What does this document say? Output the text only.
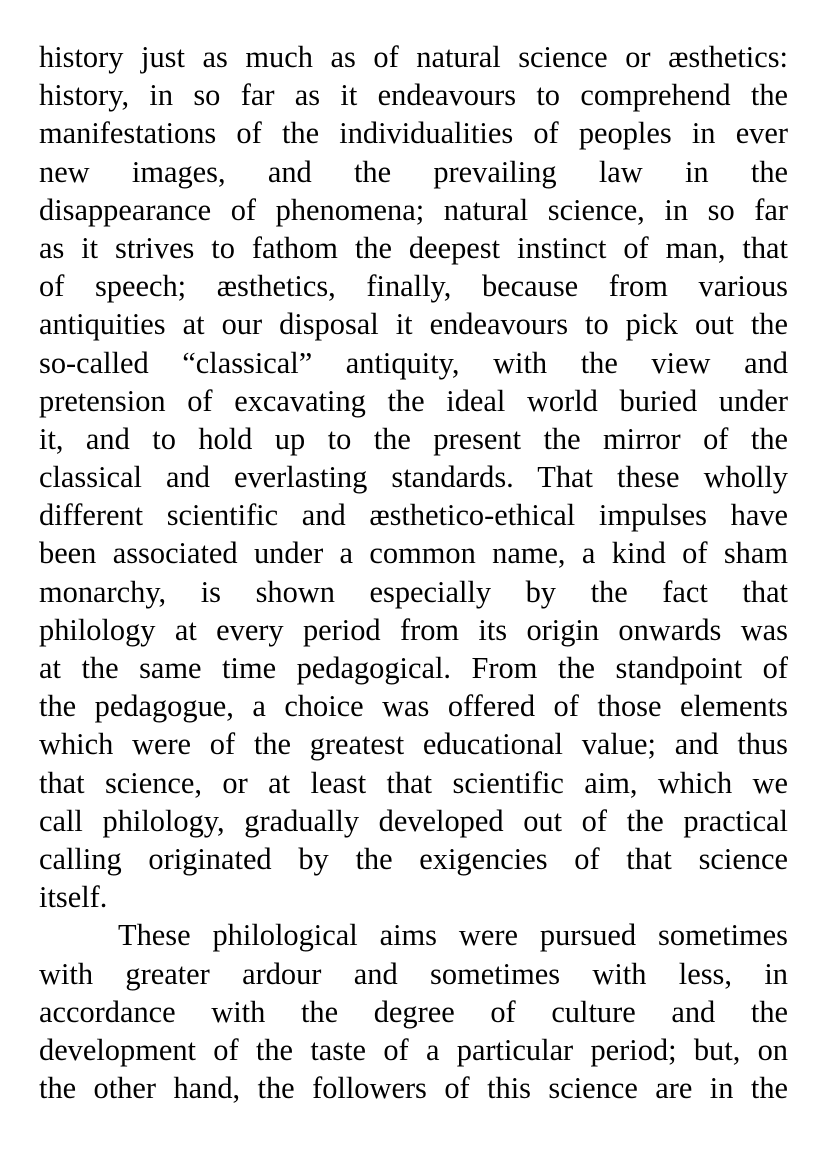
history just as much as of natural science or æsthetics:
history, in so far as it endeavours to comprehend the
manifestations of the individualities of peoples in ever
new images, and the prevailing law in the
disappearance of phenomena; natural science, in so far
as it strives to fathom the deepest instinct of man, that
of speech; æsthetics, finally, because from various
antiquities at our disposal it endeavours to pick out the
so-called “classical” antiquity, with the view and
pretension of excavating the ideal world buried under
it, and to hold up to the present the mirror of the
classical and everlasting standards. That these wholly
different scientific and æsthetico-ethical impulses have
been associated under a common name, a kind of sham
monarchy, is shown especially by the fact that
philology at every period from its origin onwards was
at the same time pedagogical. From the standpoint of
the pedagogue, a choice was offered of those elements
which were of the greatest educational value; and thus
that science, or at least that scientific aim, which we
call philology, gradually developed out of the practical
calling originated by the exigencies of that science
itself.
These philological aims were pursued sometimes
with greater ardour and sometimes with less, in
accordance with the degree of culture and the
development of the taste of a particular period; but, on
the other hand, the followers of this science are in the
